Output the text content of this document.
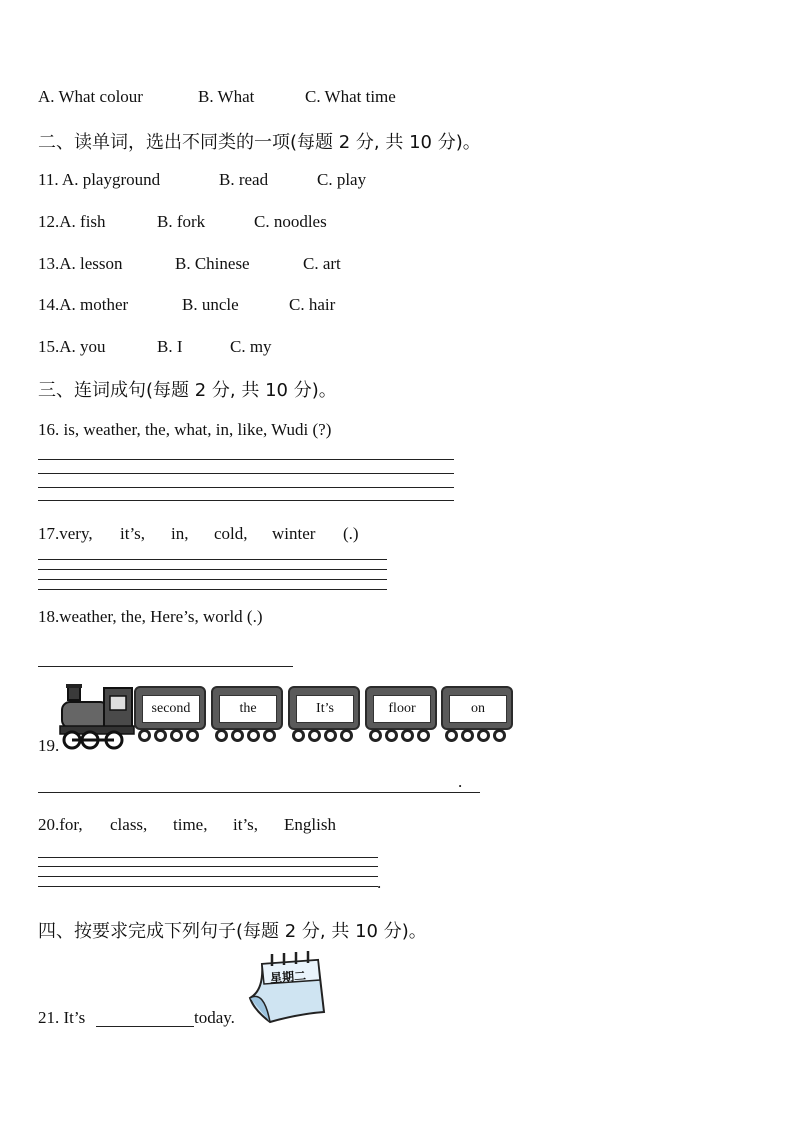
A. What colour	B. What	C. What time
二、读单词，选出不同类的一项(每题 2 分, 共 10 分)。
11. A. playground	B. read	C. play
12.A. fish	B. fork	C. noodles
13.A. lesson	B. Chinese	C. art
14.A. mother	B. uncle	C. hair
15.A. you	B. I	C. my
三、连词成句(每题 2 分, 共 10 分)。
16. is, weather, the, what, in, like, Wudi (?)
17.very, it’s, in, cold, winter (.)
18.weather, the, Here’s, world (.)
19.
second	the	It’s	floor	on
.
20.for, class, time, it’s, English
.
四、按要求完成下列句子(每题 2 分, 共 10 分)。
21. It’s	today.
星期二
